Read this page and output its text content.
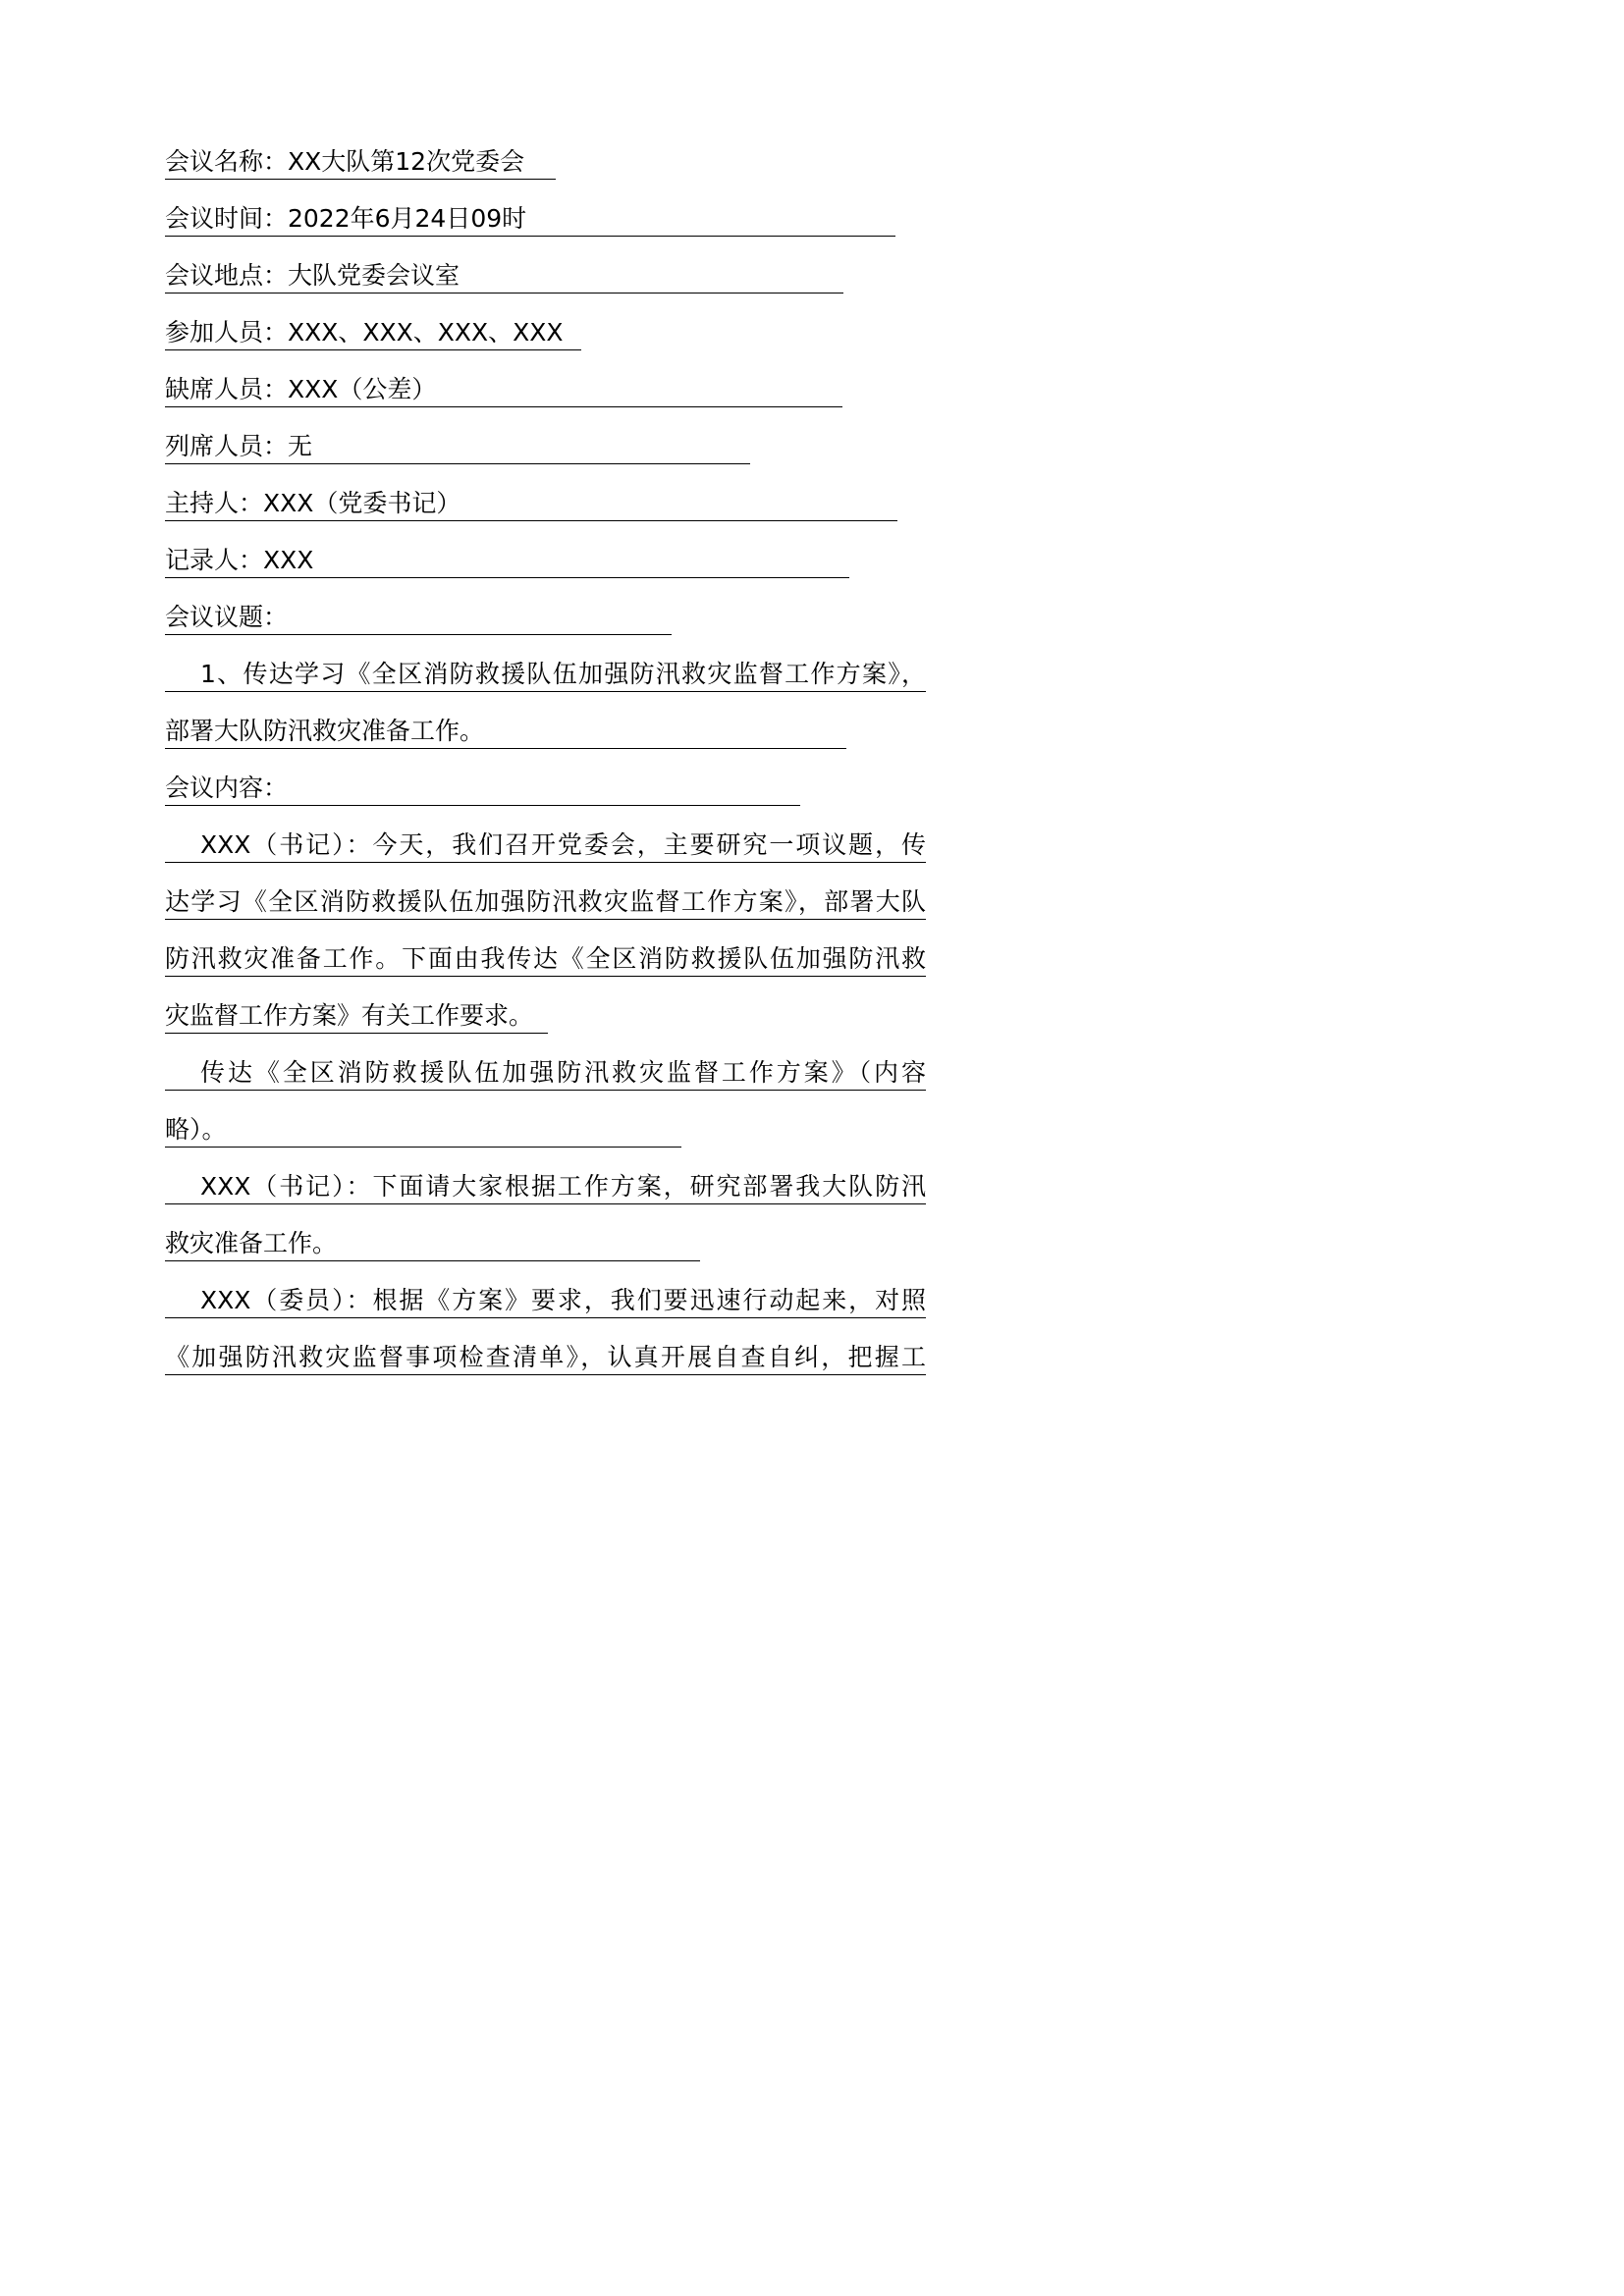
会议名称：XX大队第12次党委会
会议时间：2022年6月24日09时
会议地点：大队党委会议室
参加人员：XXX、XXX、XXX、XXX
缺席人员：XXX（公差）
列席人员：无
主持人：XXX（党委书记）
记录人：XXX
会议议题：
1、传达学习《全区消防救援队伍加强防汛救灾监督工作方案》，
部署大队防汛救灾准备工作。
会议内容：
XXX（书记）：今天，我们召开党委会，主要研究一项议题，传
达学习《全区消防救援队伍加强防汛救灾监督工作方案》，部署大队
防汛救灾准备工作。下面由我传达《全区消防救援队伍加强防汛救
灾监督工作方案》有关工作要求。
传达《全区消防救援队伍加强防汛救灾监督工作方案》（内容
略）。
XXX（书记）：下面请大家根据工作方案，研究部署我大队防汛
救灾准备工作。
XXX（委员）：根据《方案》要求，我们要迅速行动起来，对照
《加强防汛救灾监督事项检查清单》，认真开展自查自纠，把握工
